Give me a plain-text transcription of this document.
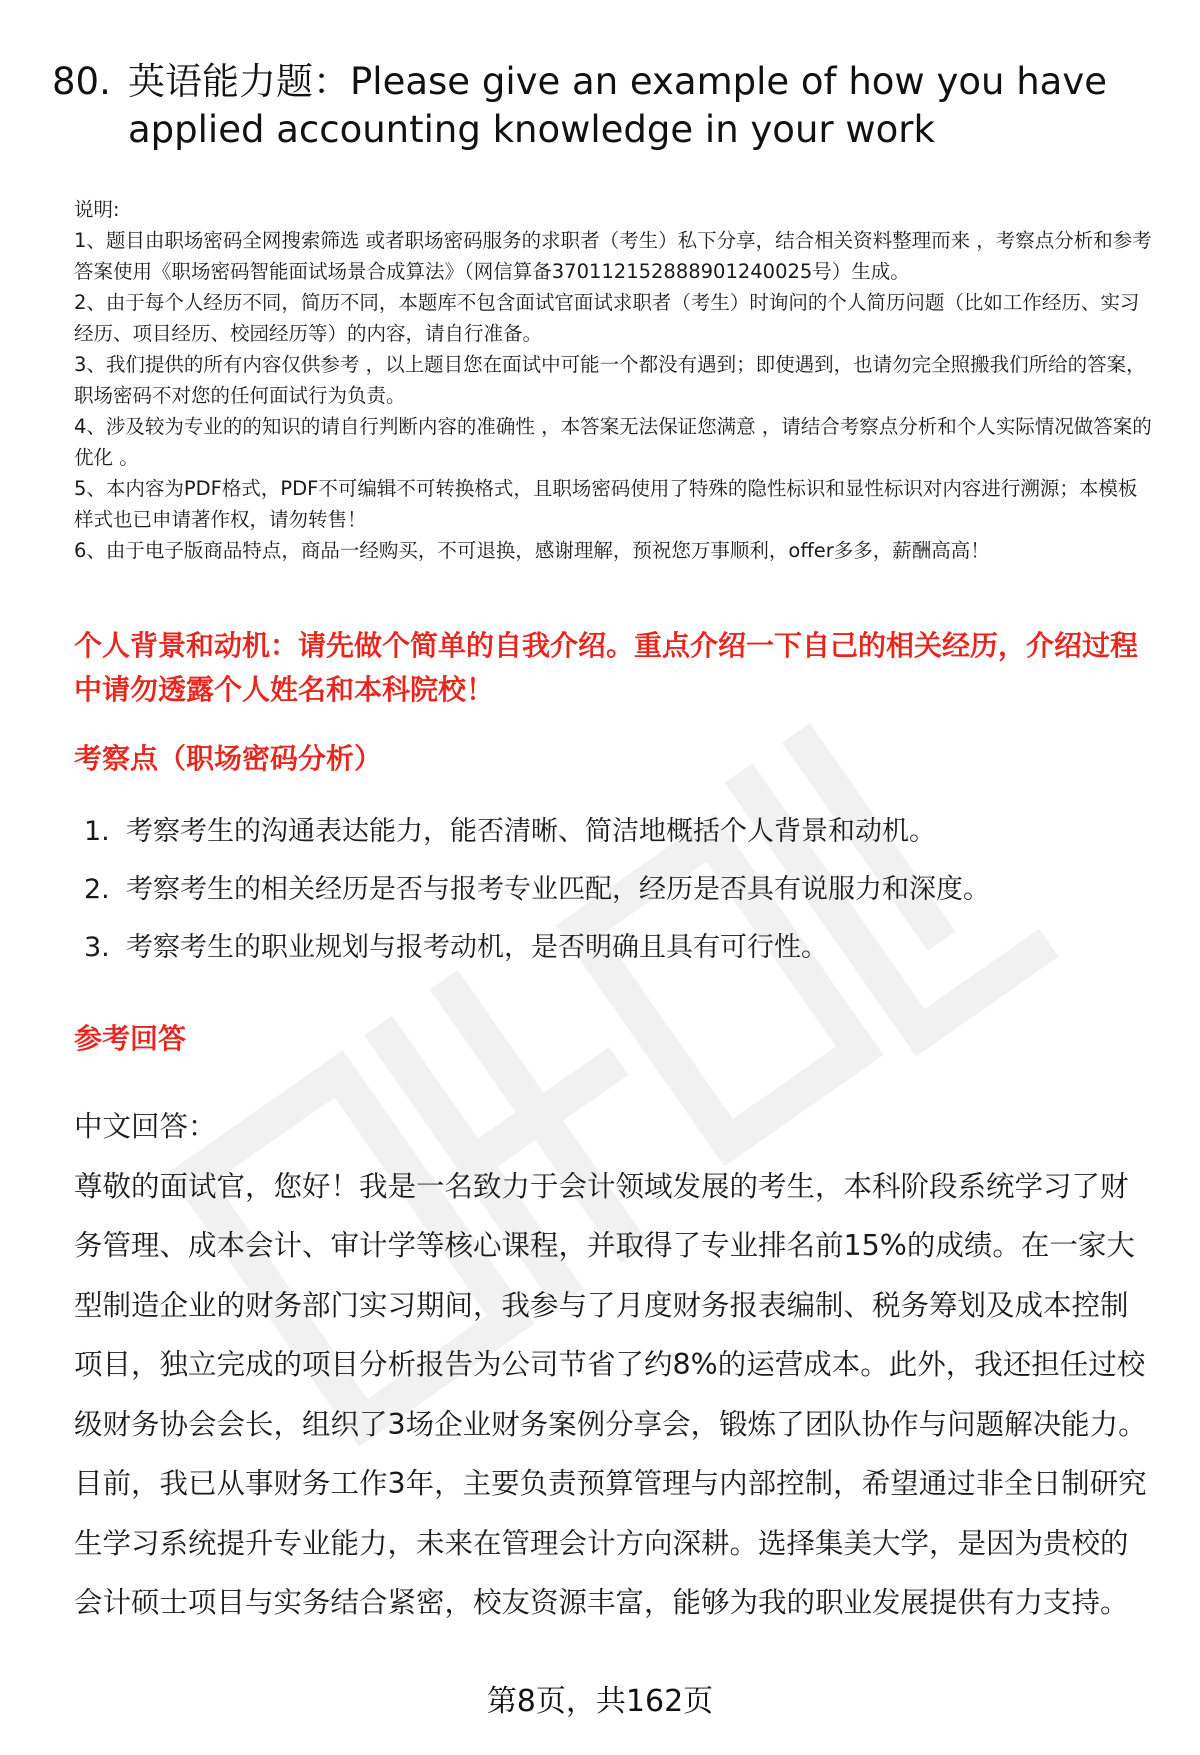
80. 英语能力题：Please give an example of how you have applied accounting knowledge in your work

说明:

1、题目由职场密码全网搜索筛选 或者职场密码服务的求职者（考生）私下分享，结合相关资料整理而来 ，考察点分析和参考答案使用《职场密码智能面试场景合成算法》（网信算备370112152888901240025号）生成。

2、由于每个人经历不同，简历不同，本题库不包含面试官面试求职者（考生）时询问的个人简历问题（比如工作经历、实习经历、项目经历、校园经历等）的内容，请自行准备。

3、我们提供的所有内容仅供参考 ，以上题目您在面试中可能一个都没有遇到；即使遇到，也请勿完全照搬我们所给的答案，职场密码不对您的任何面试行为负责。

4、涉及较为专业的的知识的请自行判断内容的准确性 ，本答案无法保证您满意 ，请结合考察点分析和个人实际情况做答案的优化 。

5、本内容为PDF格式，PDF不可编辑不可转换格式，且职场密码使用了特殊的隐性标识和显性标识对内容进行溯源；本模板样式也已申请著作权，请勿转售！

6、由于电子版商品特点，商品一经购买，不可退换，感谢理解，预祝您万事顺利，offer多多，薪酬高高！

个人背景和动机：请先做个简单的自我介绍。重点介绍一下自己的相关经历，介绍过程中请勿透露个人姓名和本科院校！
考察点（职场密码分析）
1. 考察考生的沟通表达能力，能否清晰、简洁地概括个人背景和动机。
2. 考察考生的相关经历是否与报考专业匹配，经历是否具有说服力和深度。
3. 考察考生的职业规划与报考动机，是否明确且具有可行性。
参考回答

中文回答：

尊敬的面试官，您好！我是一名致力于会计领域发展的考生，本科阶段系统学习了财务管理、成本会计、审计学等核心课程，并取得了专业排名前15%的成绩。在一家大型制造企业的财务部门实习期间，我参与了月度财务报表编制、税务筹划及成本控制项目，独立完成的项目分析报告为公司节省了约8%的运营成本。此外，我还担任过校级财务协会会长，组织了3场企业财务案例分享会，锻炼了团队协作与问题解决能力。目前，我已从事财务工作3年，主要负责预算管理与内部控制，希望通过非全日制研究生学习系统提升专业能力，未来在管理会计方向深耕。选择集美大学，是因为贵校的会计硕士项目与实务结合紧密，校友资源丰富，能够为我的职业发展提供有力支持。

第8页，共162页
